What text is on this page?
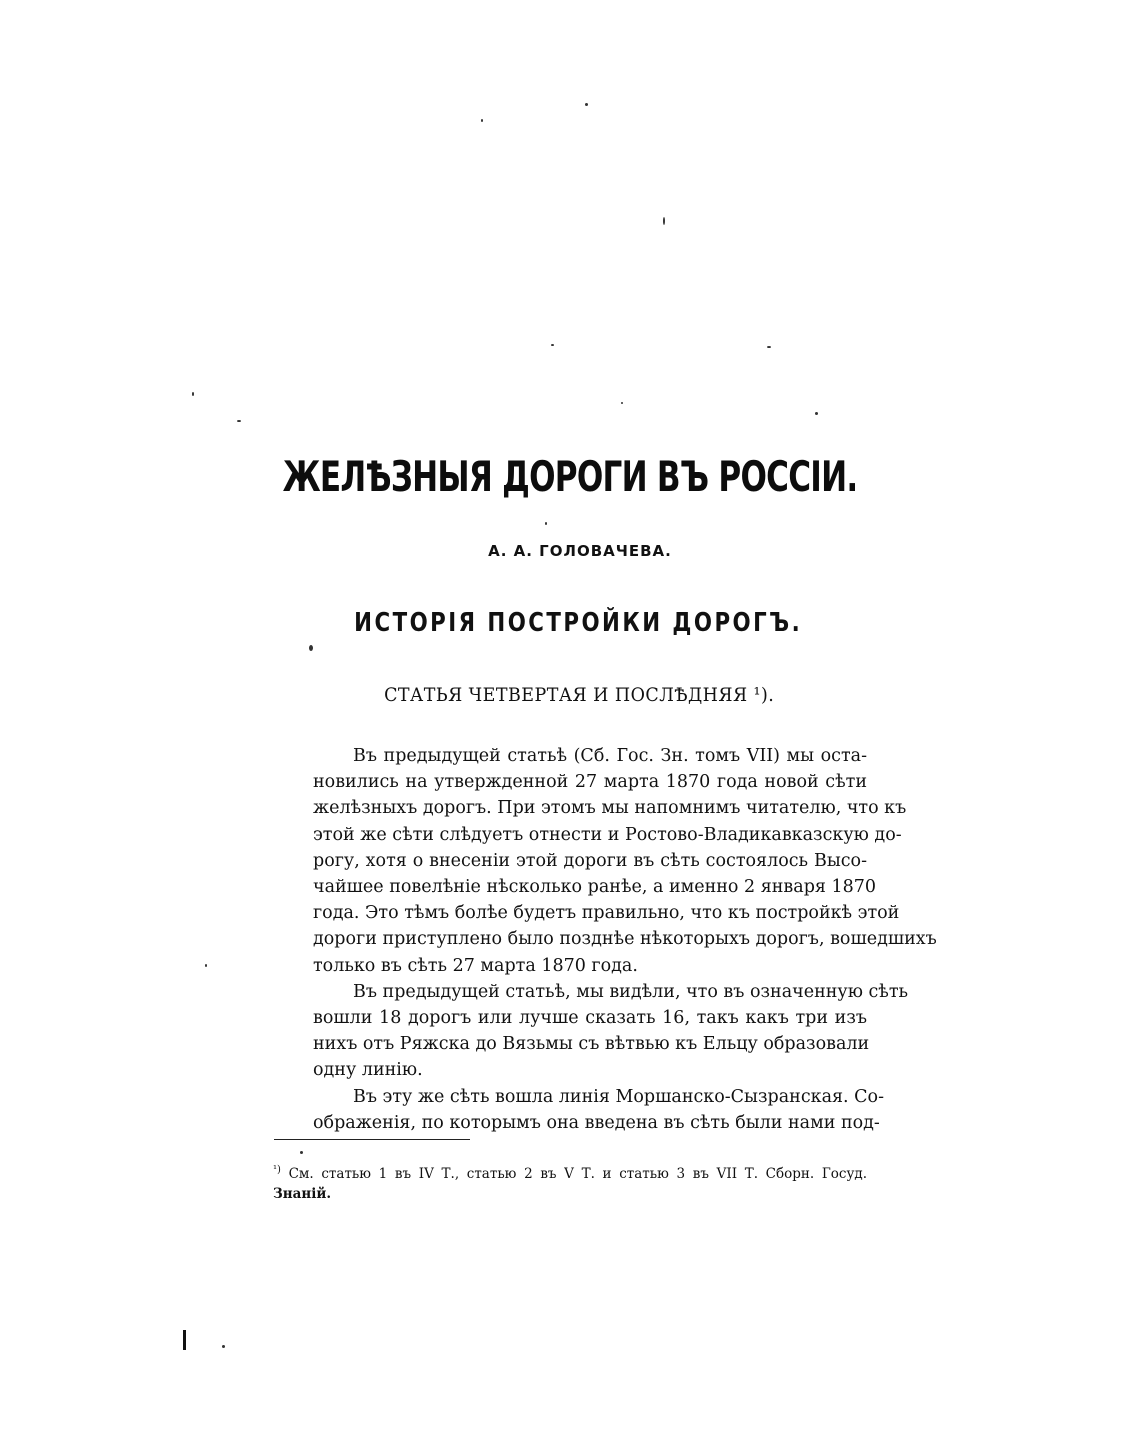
ЖЕЛѢЗНЫЯ ДОРОГИ ВЪ РОССІИ.
А. А. ГОЛОВАЧЕВА.
ИСТОРІЯ ПОСТРОЙКИ ДОРОГЪ.
СТАТЬЯ ЧЕТВЕРТАЯ И ПОСЛѢДНЯЯ ¹).
Въ предыдущей статьѣ (Сб. Гос. Зн. томъ VII) мы оста-
новились на утвержденной 27 марта 1870 года новой сѣти
желѣзныхъ дорогъ. При этомъ мы напомнимъ читателю, что къ
этой же сѣти слѣдуетъ отнести и Ростово-Владикавказскую до-
рогу, хотя о внесеніи этой дороги въ сѣть состоялось Высо-
чайшее повелѣніе нѣсколько ранѣе, а именно 2 января 1870
года. Это тѣмъ болѣе будетъ правильно, что къ постройкѣ этой
дороги приступлено было позднѣе нѣкоторыхъ дорогъ, вошедшихъ
только въ сѣть 27 марта 1870 года.
Въ предыдущей статьѣ, мы видѣли, что въ означенную сѣть
вошли 18 дорогъ или лучше сказать 16, такъ какъ три изъ
нихъ отъ Ряжска до Вязьмы съ вѣтвью къ Ельцу образовали
одну линію.
Въ эту же сѣть вошла линія Моршанско-Сызранская. Со-
ображенія, по которымъ она введена въ сѣть были нами под-
$^{^1)}$ См. статью 1 въ IV Т., статью 2 въ V Т. и статью 3 въ VII Т. Сборн. Госуд.
Знаній.
